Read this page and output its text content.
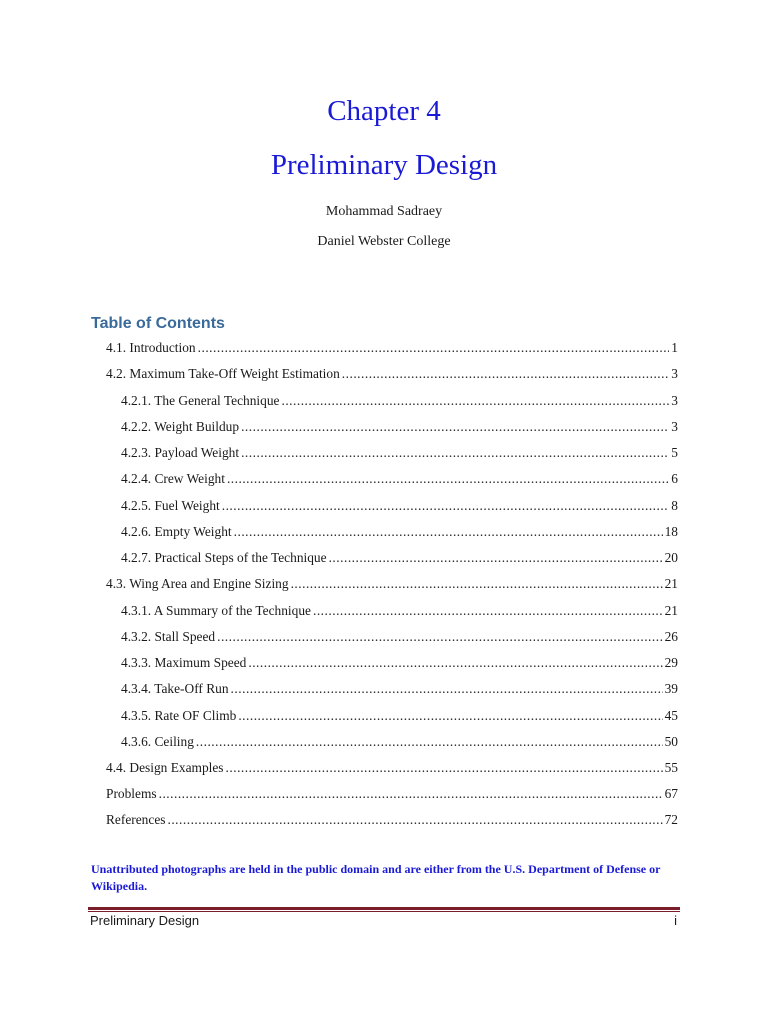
Chapter 4
Preliminary Design
Mohammad Sadraey
Daniel Webster College
Table of Contents
4.1. Introduction .....	1
4.2. Maximum Take-Off Weight Estimation .....	3
4.2.1. The General Technique .....	3
4.2.2. Weight Buildup .....	3
4.2.3. Payload Weight .....	5
4.2.4. Crew Weight .....	6
4.2.5. Fuel Weight .....	8
4.2.6. Empty Weight .....	18
4.2.7. Practical Steps of the Technique .....	20
4.3. Wing Area and Engine Sizing .....	21
4.3.1. A Summary of the Technique .....	21
4.3.2. Stall Speed .....	26
4.3.3. Maximum Speed .....	29
4.3.4. Take-Off Run .....	39
4.3.5. Rate OF Climb .....	45
4.3.6. Ceiling .....	50
4.4. Design Examples .....	55
Problems .....	67
References .....	72
Unattributed photographs are held in the public domain and are either from the U.S. Department of Defense or Wikipedia.
Preliminary Design	i
